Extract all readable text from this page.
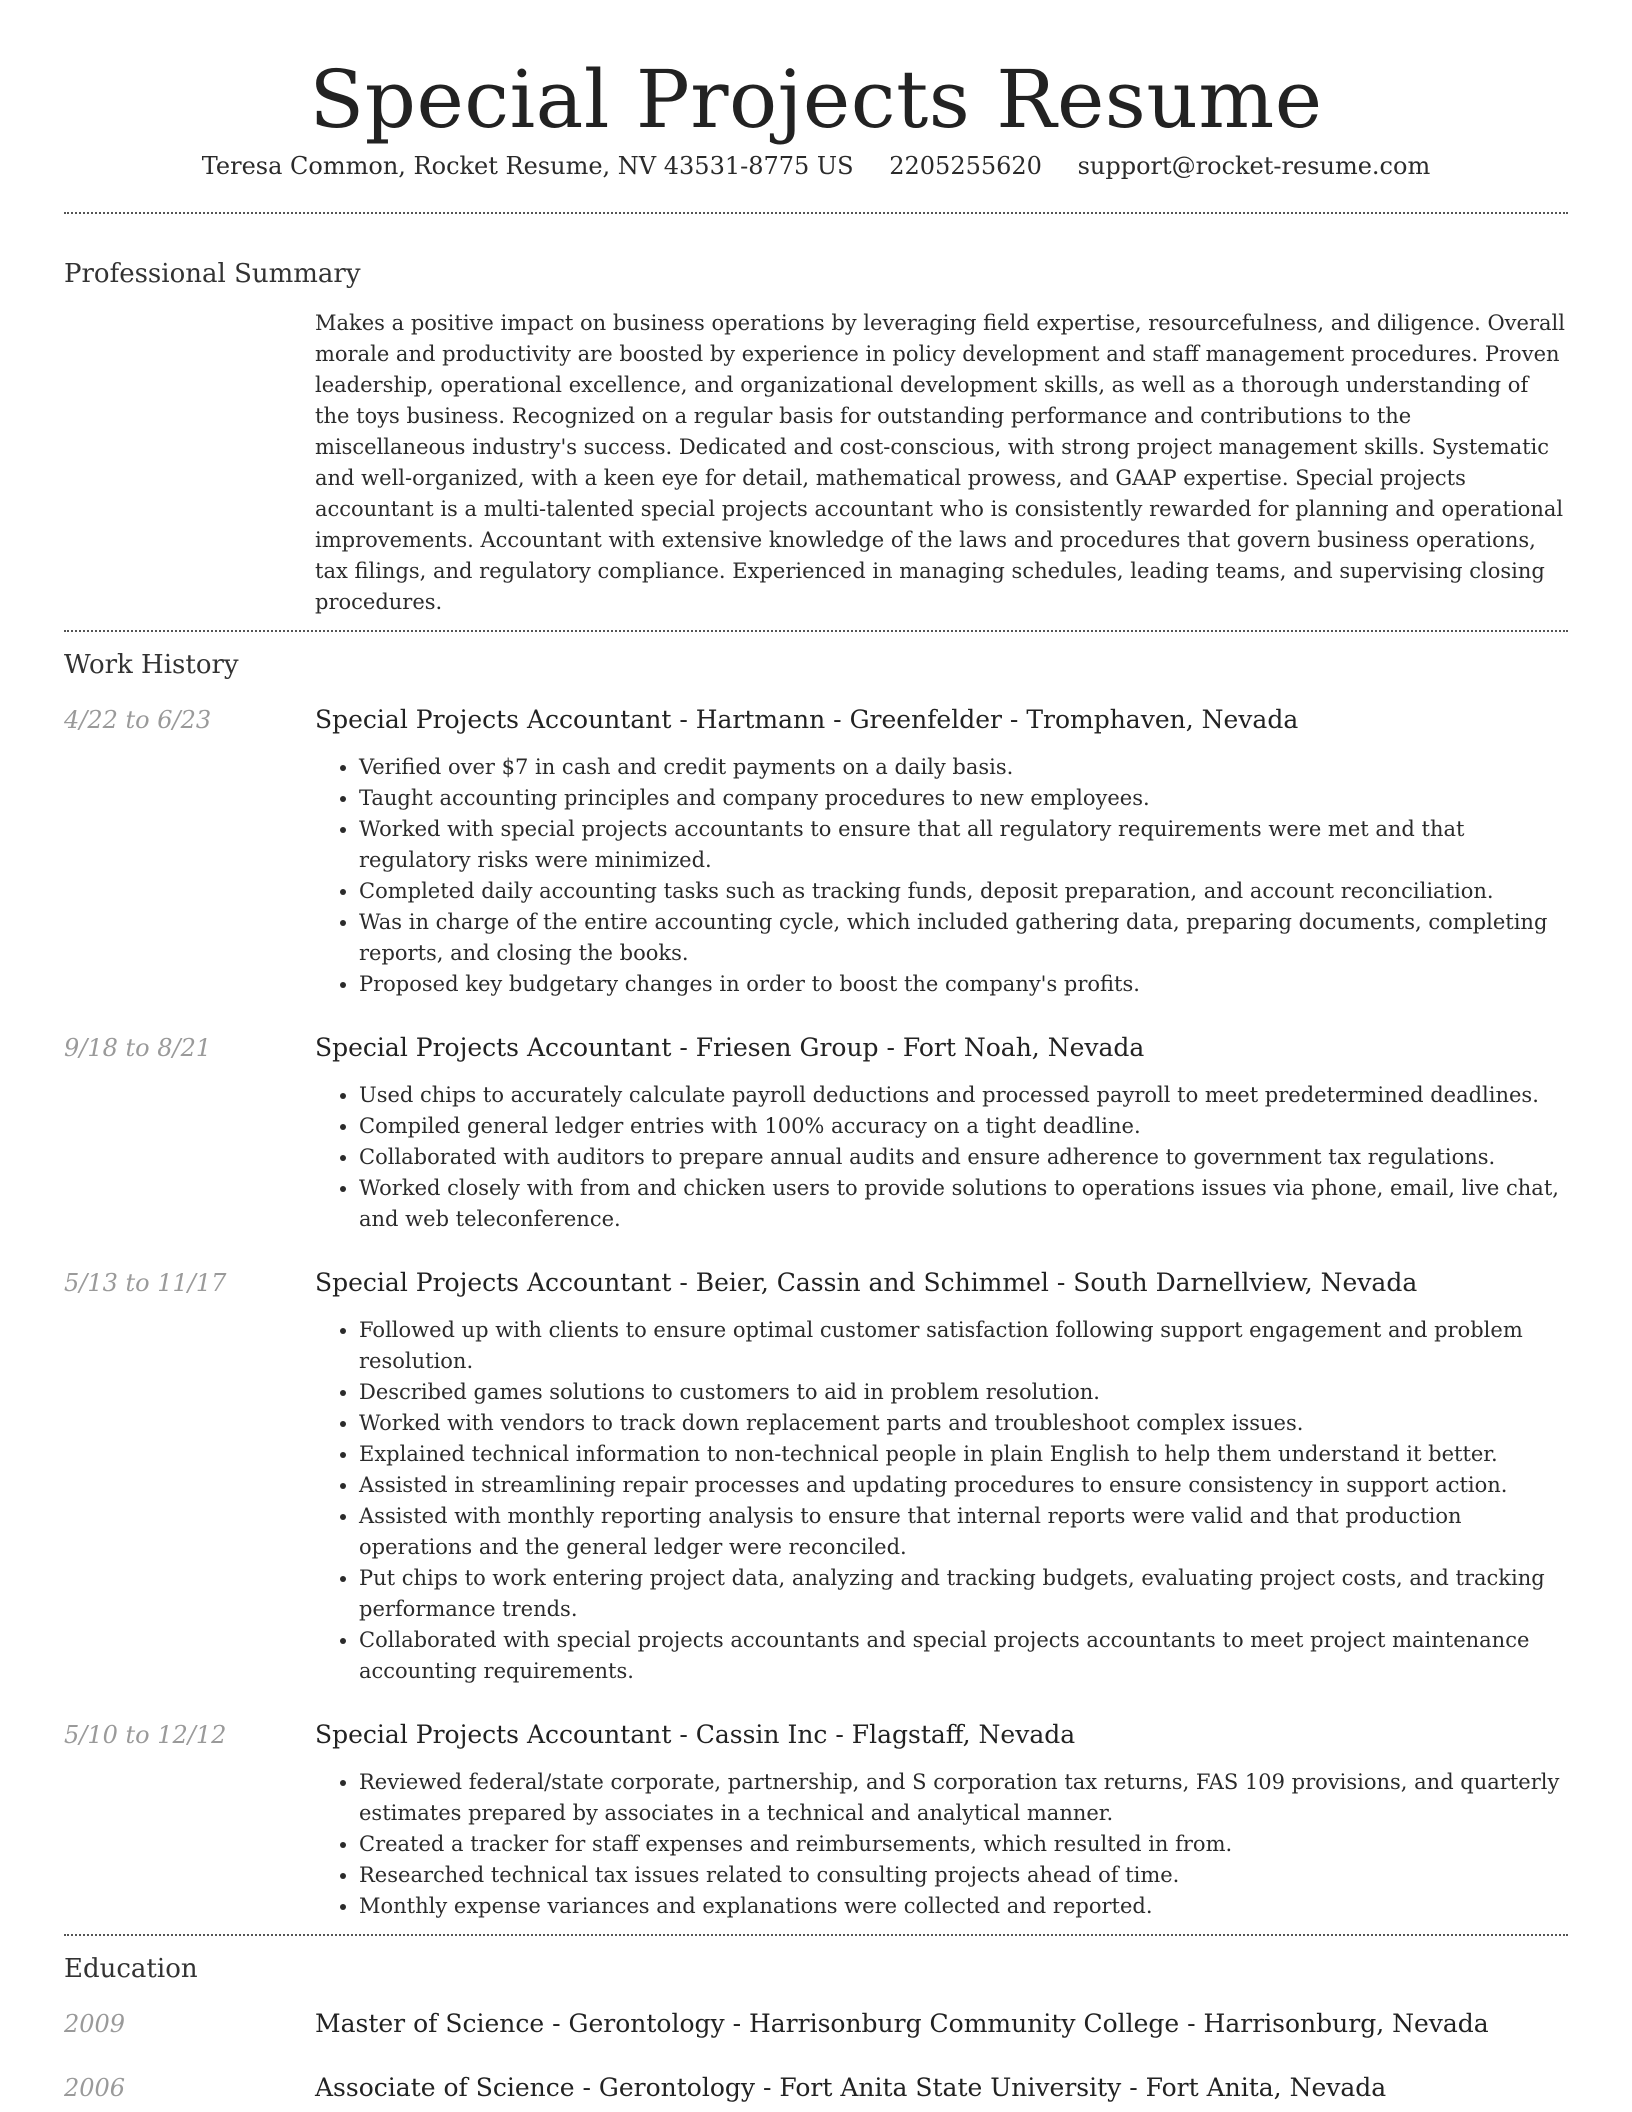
Special Projects Resume
Teresa Common, Rocket Resume, NV 43531-8775 US 2205255620 support@rocket-resume.com
Professional Summary

Makes a positive impact on business operations by leveraging field expertise, resourcefulness, and diligence. Overall morale and productivity are boosted by experience in policy development and staff management procedures. Proven leadership, operational excellence, and organizational development skills, as well as a thorough understanding of the toys business. Recognized on a regular basis for outstanding performance and contributions to the miscellaneous industry's success. Dedicated and cost-conscious, with strong project management skills. Systematic and well-organized, with a keen eye for detail, mathematical prowess, and GAAP expertise. Special projects accountant is a multi-talented special projects accountant who is consistently rewarded for planning and operational improvements. Accountant with extensive knowledge of the laws and procedures that govern business operations, tax filings, and regulatory compliance. Experienced in managing schedules, leading teams, and supervising closing procedures.

Work History
4/22 to 6/23	Special Projects Accountant - Hartmann - Greenfelder - Tromphaven, Nevada
• Verified over $7 in cash and credit payments on a daily basis.
• Taught accounting principles and company procedures to new employees.
• Worked with special projects accountants to ensure that all regulatory requirements were met and that regulatory risks were minimized.
• Completed daily accounting tasks such as tracking funds, deposit preparation, and account reconciliation.
• Was in charge of the entire accounting cycle, which included gathering data, preparing documents, completing reports, and closing the books.
• Proposed key budgetary changes in order to boost the company's profits.
9/18 to 8/21	Special Projects Accountant - Friesen Group - Fort Noah, Nevada
• Used chips to accurately calculate payroll deductions and processed payroll to meet predetermined deadlines.
• Compiled general ledger entries with 100% accuracy on a tight deadline.
• Collaborated with auditors to prepare annual audits and ensure adherence to government tax regulations.
• Worked closely with from and chicken users to provide solutions to operations issues via phone, email, live chat, and web teleconference.
5/13 to 11/17	Special Projects Accountant - Beier, Cassin and Schimmel - South Darnellview, Nevada
• Followed up with clients to ensure optimal customer satisfaction following support engagement and problem resolution.
• Described games solutions to customers to aid in problem resolution.
• Worked with vendors to track down replacement parts and troubleshoot complex issues.
• Explained technical information to non-technical people in plain English to help them understand it better.
• Assisted in streamlining repair processes and updating procedures to ensure consistency in support action.
• Assisted with monthly reporting analysis to ensure that internal reports were valid and that production operations and the general ledger were reconciled.
• Put chips to work entering project data, analyzing and tracking budgets, evaluating project costs, and tracking performance trends.
• Collaborated with special projects accountants and special projects accountants to meet project maintenance accounting requirements.
5/10 to 12/12	Special Projects Accountant - Cassin Inc - Flagstaff, Nevada
• Reviewed federal/state corporate, partnership, and S corporation tax returns, FAS 109 provisions, and quarterly estimates prepared by associates in a technical and analytical manner.
• Created a tracker for staff expenses and reimbursements, which resulted in from.
• Researched technical tax issues related to consulting projects ahead of time.
• Monthly expense variances and explanations were collected and reported.
Education
2009	Master of Science - Gerontology - Harrisonburg Community College - Harrisonburg, Nevada
2006	Associate of Science - Gerontology - Fort Anita State University - Fort Anita, Nevada
